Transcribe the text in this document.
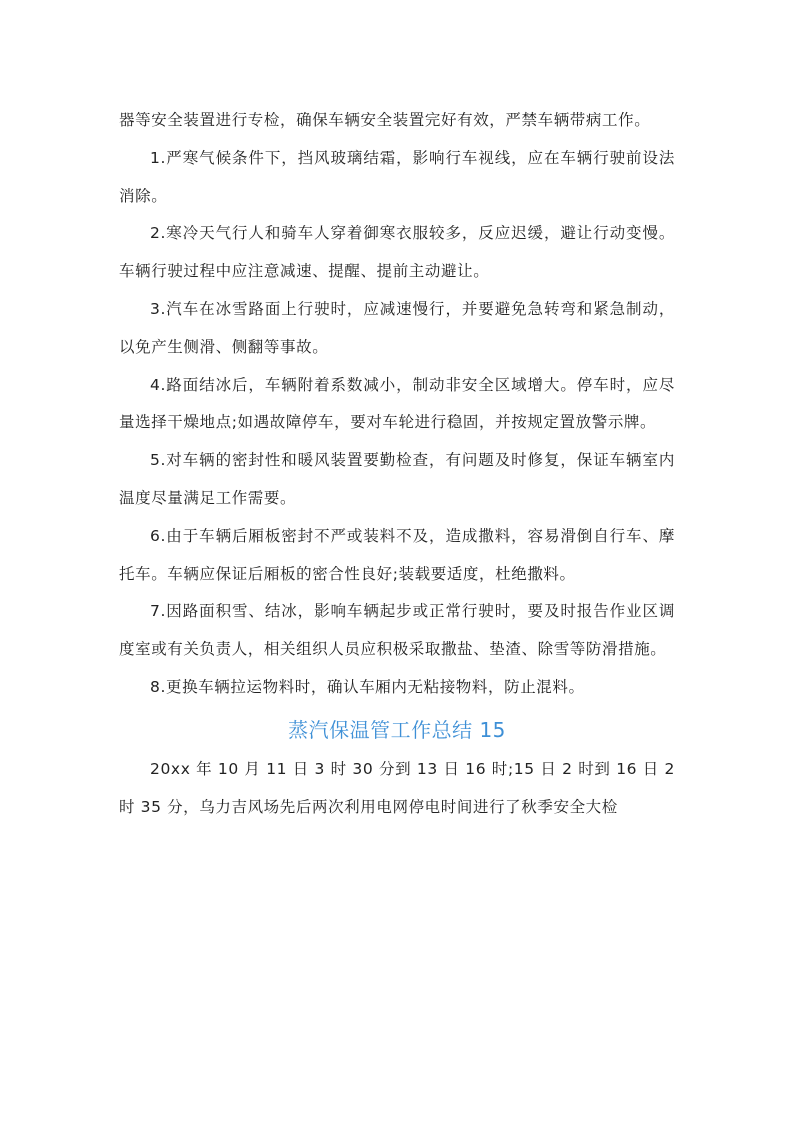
器等安全装置进行专检，确保车辆安全装置完好有效，严禁车辆带病工作。

1.严寒气候条件下，挡风玻璃结霜，影响行车视线，应在车辆行驶前设法消除。

2.寒冷天气行人和骑车人穿着御寒衣服较多，反应迟缓，避让行动变慢。车辆行驶过程中应注意减速、提醒、提前主动避让。

3.汽车在冰雪路面上行驶时，应减速慢行，并要避免急转弯和紧急制动，以免产生侧滑、侧翻等事故。

4.路面结冰后，车辆附着系数减小，制动非安全区域增大。停车时，应尽量选择干燥地点;如遇故障停车，要对车轮进行稳固，并按规定置放警示牌。

5.对车辆的密封性和暖风装置要勤检查，有问题及时修复，保证车辆室内温度尽量满足工作需要。

6.由于车辆后厢板密封不严或装料不及，造成撒料，容易滑倒自行车、摩托车。车辆应保证后厢板的密合性良好;装载要适度，杜绝撒料。

7.因路面积雪、结冰，影响车辆起步或正常行驶时，要及时报告作业区调度室或有关负责人，相关组织人员应积极采取撒盐、垫渣、除雪等防滑措施。

8.更换车辆拉运物料时，确认车厢内无粘接物料，防止混料。

蒸汽保温管工作总结 15

20xx 年 10 月 11 日 3 时 30 分到 13 日 16 时;15 日 2 时到 16 日 2 时 35 分，乌力吉风场先后两次利用电网停电时间进行了秋季安全大检
